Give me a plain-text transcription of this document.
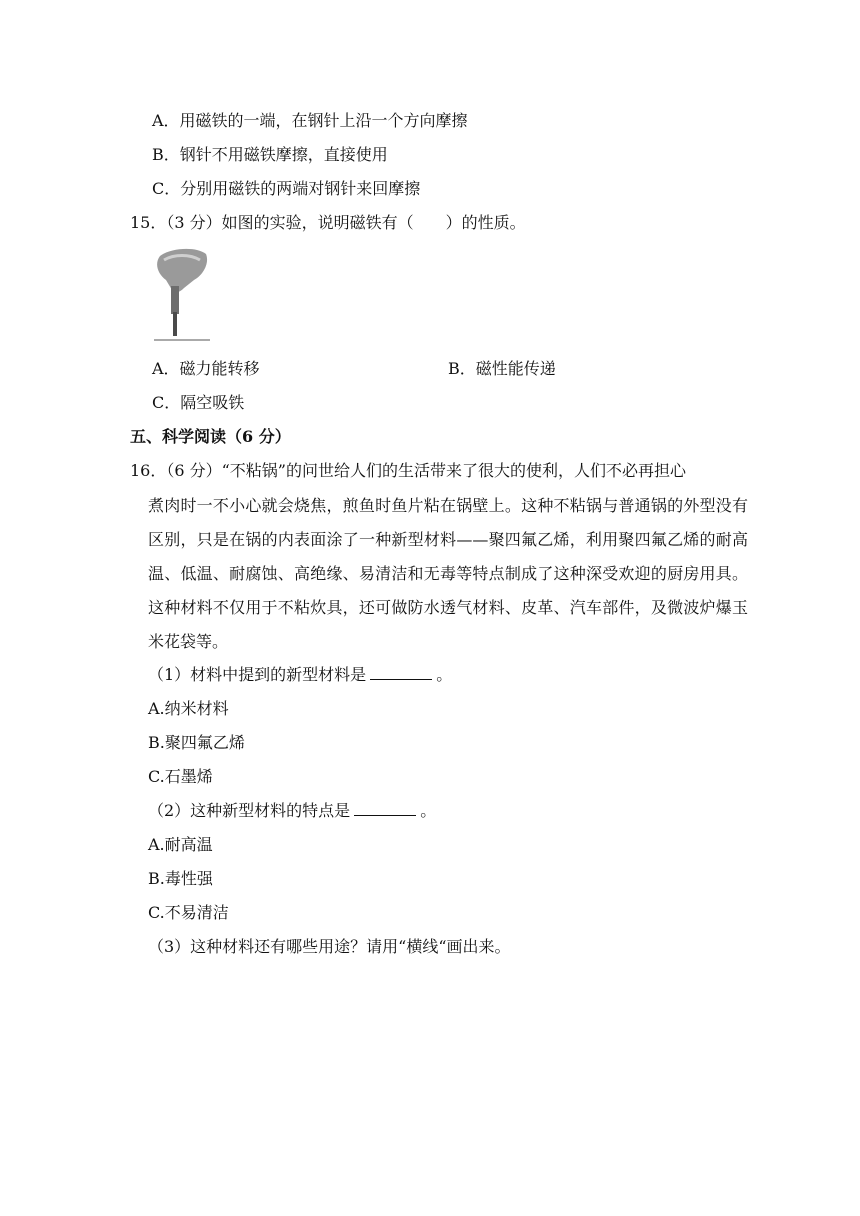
A．用磁铁的一端，在钢针上沿一个方向摩擦
B．钢针不用磁铁摩擦，直接使用
C．分别用磁铁的两端对钢针来回摩擦
15．（3 分）如图的实验，说明磁铁有（　　）的性质。
A．磁力能转移	B．磁性能传递
C．隔空吸铁
五、科学阅读（6 分）
16．（6 分）“不粘锅”的问世给人们的生活带来了很大的使利，人们不必再担心
煮肉时一不小心就会烧焦，煎鱼时鱼片粘在锅壁上。这种不粘锅与普通锅的外型没有区别，只是在锅的内表面涂了一种新型材料——聚四氟乙烯，利用聚四氟乙烯的耐高温、低温、耐腐蚀、高绝缘、易清洁和无毒等特点制成了这种深受欢迎的厨房用具。这种材料不仅用于不粘炊具，还可做防水透气材料、皮革、汽车部件，及微波炉爆玉米花袋等。
（1）材料中提到的新型材料是	。
A.纳米材料
B.聚四氟乙烯
C.石墨烯
（2）这种新型材料的特点是	。
A.耐高温
B.毒性强
C.不易清洁
（3）这种材料还有哪些用途？请用“横线“画出来。
